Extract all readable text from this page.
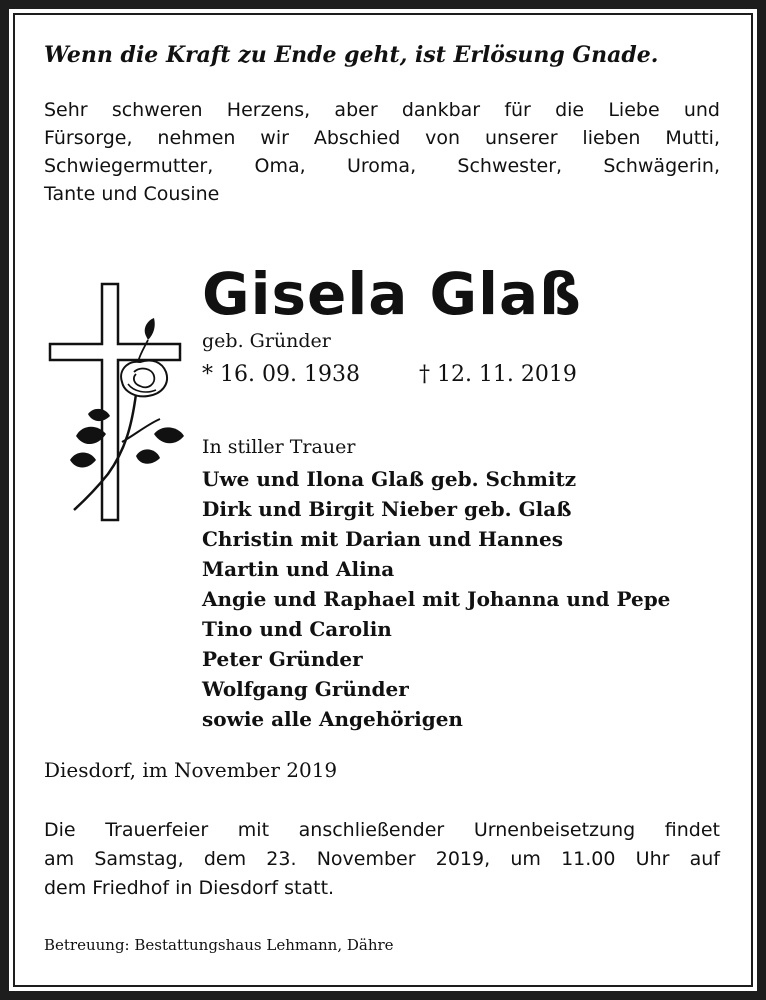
Wenn die Kraft zu Ende geht, ist Erlösung Gnade.
Sehr schweren Herzens, aber dankbar für die Liebe und
Fürsorge, nehmen wir Abschied von unserer lieben Mutti,
Schwiegermutter, Oma, Uroma, Schwester, Schwägerin,
Tante und Cousine
Gisela Glaß
geb. Gründer
* 16. 09. 1938	† 12. 11. 2019
In stiller Trauer
Uwe und Ilona Glaß geb. Schmitz
Dirk und Birgit Nieber geb. Glaß
Christin mit Darian und Hannes
Martin und Alina
Angie und Raphael mit Johanna und Pepe
Tino und Carolin
Peter Gründer
Wolfgang Gründer
sowie alle Angehörigen
Diesdorf, im November 2019
Die Trauerfeier mit anschließender Urnenbeisetzung findet
am Samstag, dem 23. November 2019, um 11.00 Uhr auf
dem Friedhof in Diesdorf statt.
Betreuung: Bestattungshaus Lehmann, Dähre
